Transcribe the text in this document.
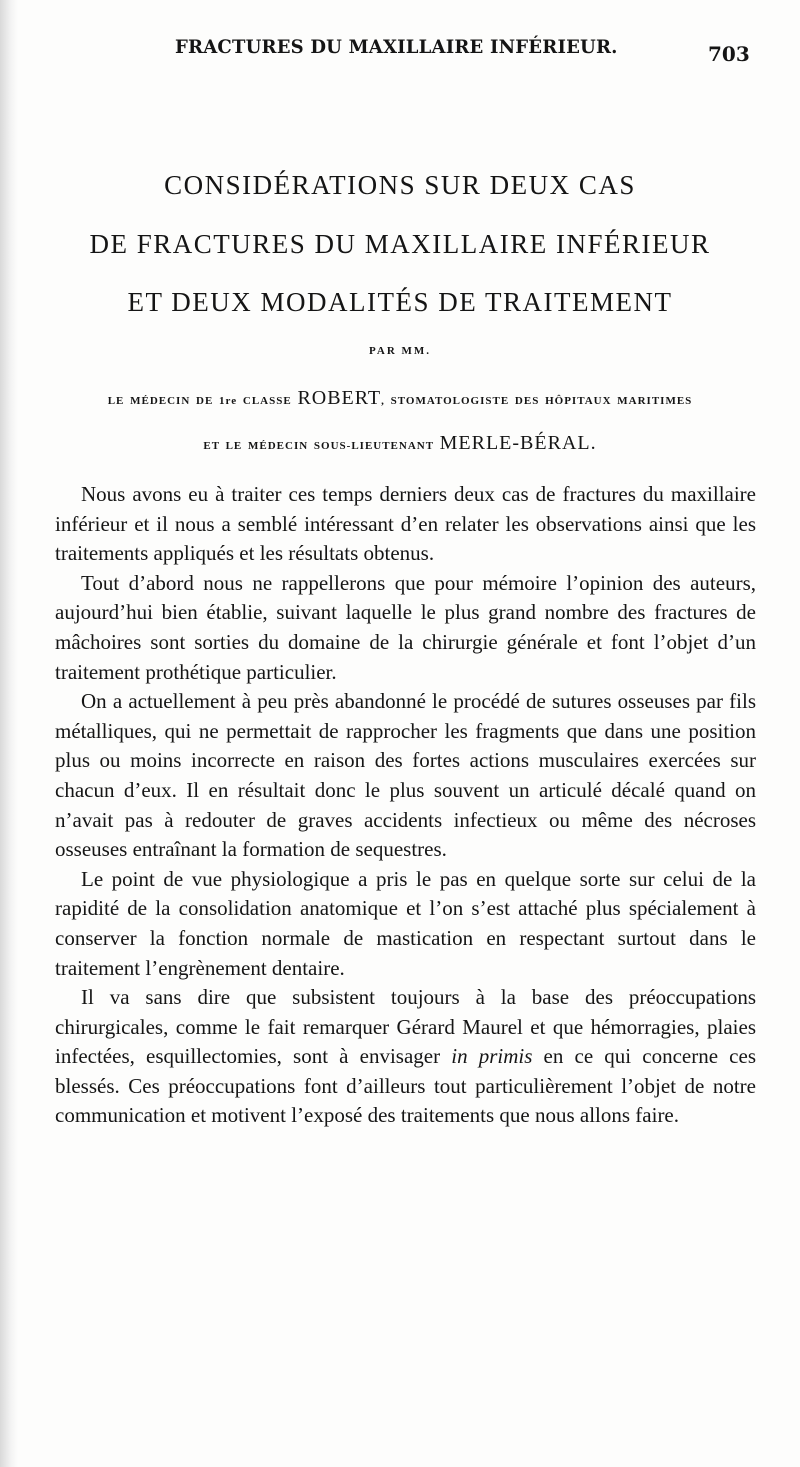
FRACTURES DU MAXILLAIRE INFÉRIEUR.	703
CONSIDÉRATIONS SUR DEUX CAS
DE FRACTURES DU MAXILLAIRE INFÉRIEUR
ET DEUX MODALITÉS DE TRAITEMENT
PAR MM.
LE MÉDECIN DE 1re CLASSE ROBERT, STOMATOLOGISTE DES HÔPITAUX MARITIMES
ET LE MÉDECIN SOUS-LIEUTENANT MERLE-BÉRAL.

Nous avons eu à traiter ces temps derniers deux cas de fractures du maxillaire inférieur et il nous a semblé intéressant d’en relater les observations ainsi que les traitements appliqués et les résultats obtenus.

Tout d’abord nous ne rappellerons que pour mémoire l’opinion des auteurs, aujourd’hui bien établie, suivant laquelle le plus grand nombre des fractures de mâchoires sont sorties du domaine de la chirurgie générale et font l’objet d’un traitement prothétique particulier.

On a actuellement à peu près abandonné le procédé de sutures osseuses par fils métalliques, qui ne permettait de rapprocher les fragments que dans une position plus ou moins incorrecte en raison des fortes actions musculaires exercées sur chacun d’eux. Il en résultait donc le plus souvent un articulé décalé quand on n’avait pas à redouter de graves accidents infectieux ou même des nécroses osseuses entraînant la formation de sequestres.

Le point de vue physiologique a pris le pas en quelque sorte sur celui de la rapidité de la consolidation anatomique et l’on s’est attaché plus spécialement à conserver la fonction normale de mastication en respectant surtout dans le traitement l’engrènement dentaire.

Il va sans dire que subsistent toujours à la base des préoccupations chirurgicales, comme le fait remarquer Gérard Maurel et que hémorragies, plaies infectées, esquillectomies, sont à envisager in primis en ce qui concerne ces blessés. Ces préoccupations font d’ailleurs tout particulièrement l’objet de notre communication et motivent l’exposé des traitements que nous allons faire.
